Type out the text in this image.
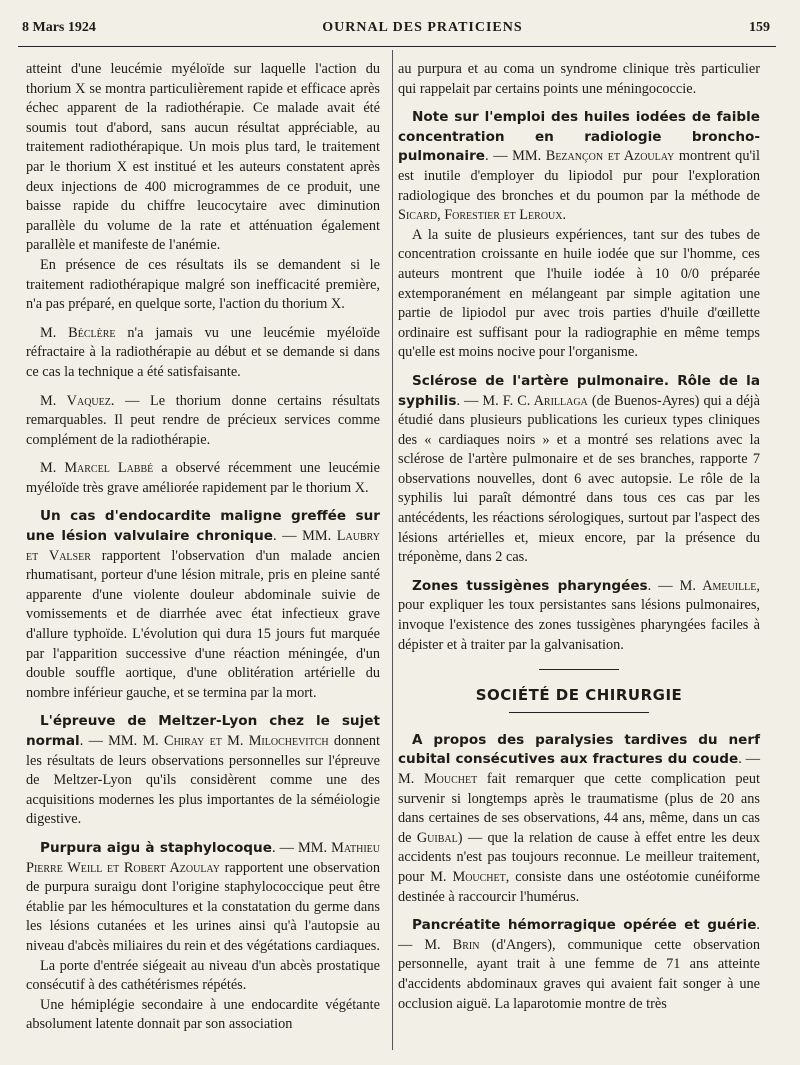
8 Mars 1924	OURNAL DES PRATICIENS	159

atteint d'une leucémie myéloïde sur laquelle l'action du thorium X se montra particulièrement rapide et efficace après échec apparent de la radiothérapie. Ce malade avait été soumis tout d'abord, sans aucun résultat appréciable, au traitement radiothérapique. Un mois plus tard, le traitement par le thorium X est institué et les auteurs constatent après deux injections de 400 microgrammes de ce produit, une baisse rapide du chiffre leucocytaire avec diminution parallèle du volume de la rate et atténuation également parallèle et manifeste de l'anémie.

En présence de ces résultats ils se demandent si le traitement radiothérapique malgré son inefficacité première, n'a pas préparé, en quelque sorte, l'action du thorium X.

M. Béclère n'a jamais vu une leucémie myéloïde réfractaire à la radiothérapie au début et se demande si dans ce cas la technique a été satisfaisante.

M. Vaquez. — Le thorium donne certains résultats remarquables. Il peut rendre de précieux services comme complément de la radiothérapie.

M. Marcel Labbé a observé récemment une leucémie myéloïde très grave améliorée rapidement par le thorium X.

Un cas d'endocardite maligne greffée sur une lésion valvulaire chronique. — MM. Laubry et Valser rapportent l'observation d'un malade ancien rhumatisant, porteur d'une lésion mitrale, pris en pleine santé apparente d'une violente douleur abdominale suivie de vomissements et de diarrhée avec état infectieux grave d'allure typhoïde. L'évolution qui dura 15 jours fut marquée par l'apparition successive d'une réaction méningée, d'un double souffle aortique, d'une oblitération artérielle du nombre inférieur gauche, et se termina par la mort.

L'épreuve de Meltzer-Lyon chez le sujet normal. — MM. M. Chiray et M. Milochevitch donnent les résultats de leurs observations personnelles sur l'épreuve de Meltzer-Lyon qu'ils considèrent comme une des acquisitions modernes les plus importantes de la séméiologie digestive.

Purpura aigu à staphylocoque. — MM. Mathieu Pierre Weill et Robert Azoulay rapportent une observation de purpura suraigu dont l'origine staphylococcique peut être établie par les hémocultures et la constatation du germe dans les lésions cutanées et les urines ainsi qu'à l'autopsie au niveau d'abcès miliaires du rein et des végétations cardiaques.

La porte d'entrée siégeait au niveau d'un abcès prostatique consécutif à des cathétérismes répétés.

Une hémiplégie secondaire à une endocardite végétante absolument latente donnait par son association

au purpura et au coma un syndrome clinique très particulier qui rappelait par certains points une méningococcie.

Note sur l'emploi des huiles iodées de faible concentration en radiologie broncho-pulmonaire. — MM. Bezançon et Azoulay montrent qu'il est inutile d'employer du lipiodol pur pour l'exploration radiologique des bronches et du poumon par la méthode de Sicard, Forestier et Leroux.

A la suite de plusieurs expériences, tant sur des tubes de concentration croissante en huile iodée que sur l'homme, ces auteurs montrent que l'huile iodée à 10 0/0 préparée extemporanément en mélangeant par simple agitation une partie de lipiodol pur avec trois parties d'huile d'œillette ordinaire est suffisant pour la radiographie en même temps qu'elle est moins nocive pour l'organisme.

Sclérose de l'artère pulmonaire. Rôle de la syphilis. — M. F. C. Arillaga (de Buenos-Ayres) qui a déjà étudié dans plusieurs publications les curieux types cliniques des « cardiaques noirs » et a montré ses relations avec la sclérose de l'artère pulmonaire et de ses branches, rapporte 7 observations nouvelles, dont 6 avec autopsie. Le rôle de la syphilis lui paraît démontré dans tous ces cas par les antécédents, les réactions sérologiques, surtout par l'aspect des lésions artérielles et, mieux encore, par la présence du tréponème, dans 2 cas.

Zones tussigènes pharyngées. — M. Ameuille, pour expliquer les toux persistantes sans lésions pulmonaires, invoque l'existence des zones tussigènes pharyngées faciles à dépister et à traiter par la galvanisation.

SOCIÉTÉ DE CHIRURGIE

A propos des paralysies tardives du nerf cubital consécutives aux fractures du coude. — M. Mouchet fait remarquer que cette complication peut survenir si longtemps après le traumatisme (plus de 20 ans dans certaines de ses observations, 44 ans, même, dans un cas de Guibal) — que la relation de cause à effet entre les deux accidents n'est pas toujours reconnue. Le meilleur traitement, pour M. Mouchet, consiste dans une ostéotomie cunéiforme destinée à raccourcir l'humérus.

Pancréatite hémorragique opérée et guérie. — M. Brin (d'Angers), communique cette observation personnelle, ayant trait à une femme de 71 ans atteinte d'accidents abdominaux graves qui avaient fait songer à une occlusion aiguë. La laparotomie montre de très
